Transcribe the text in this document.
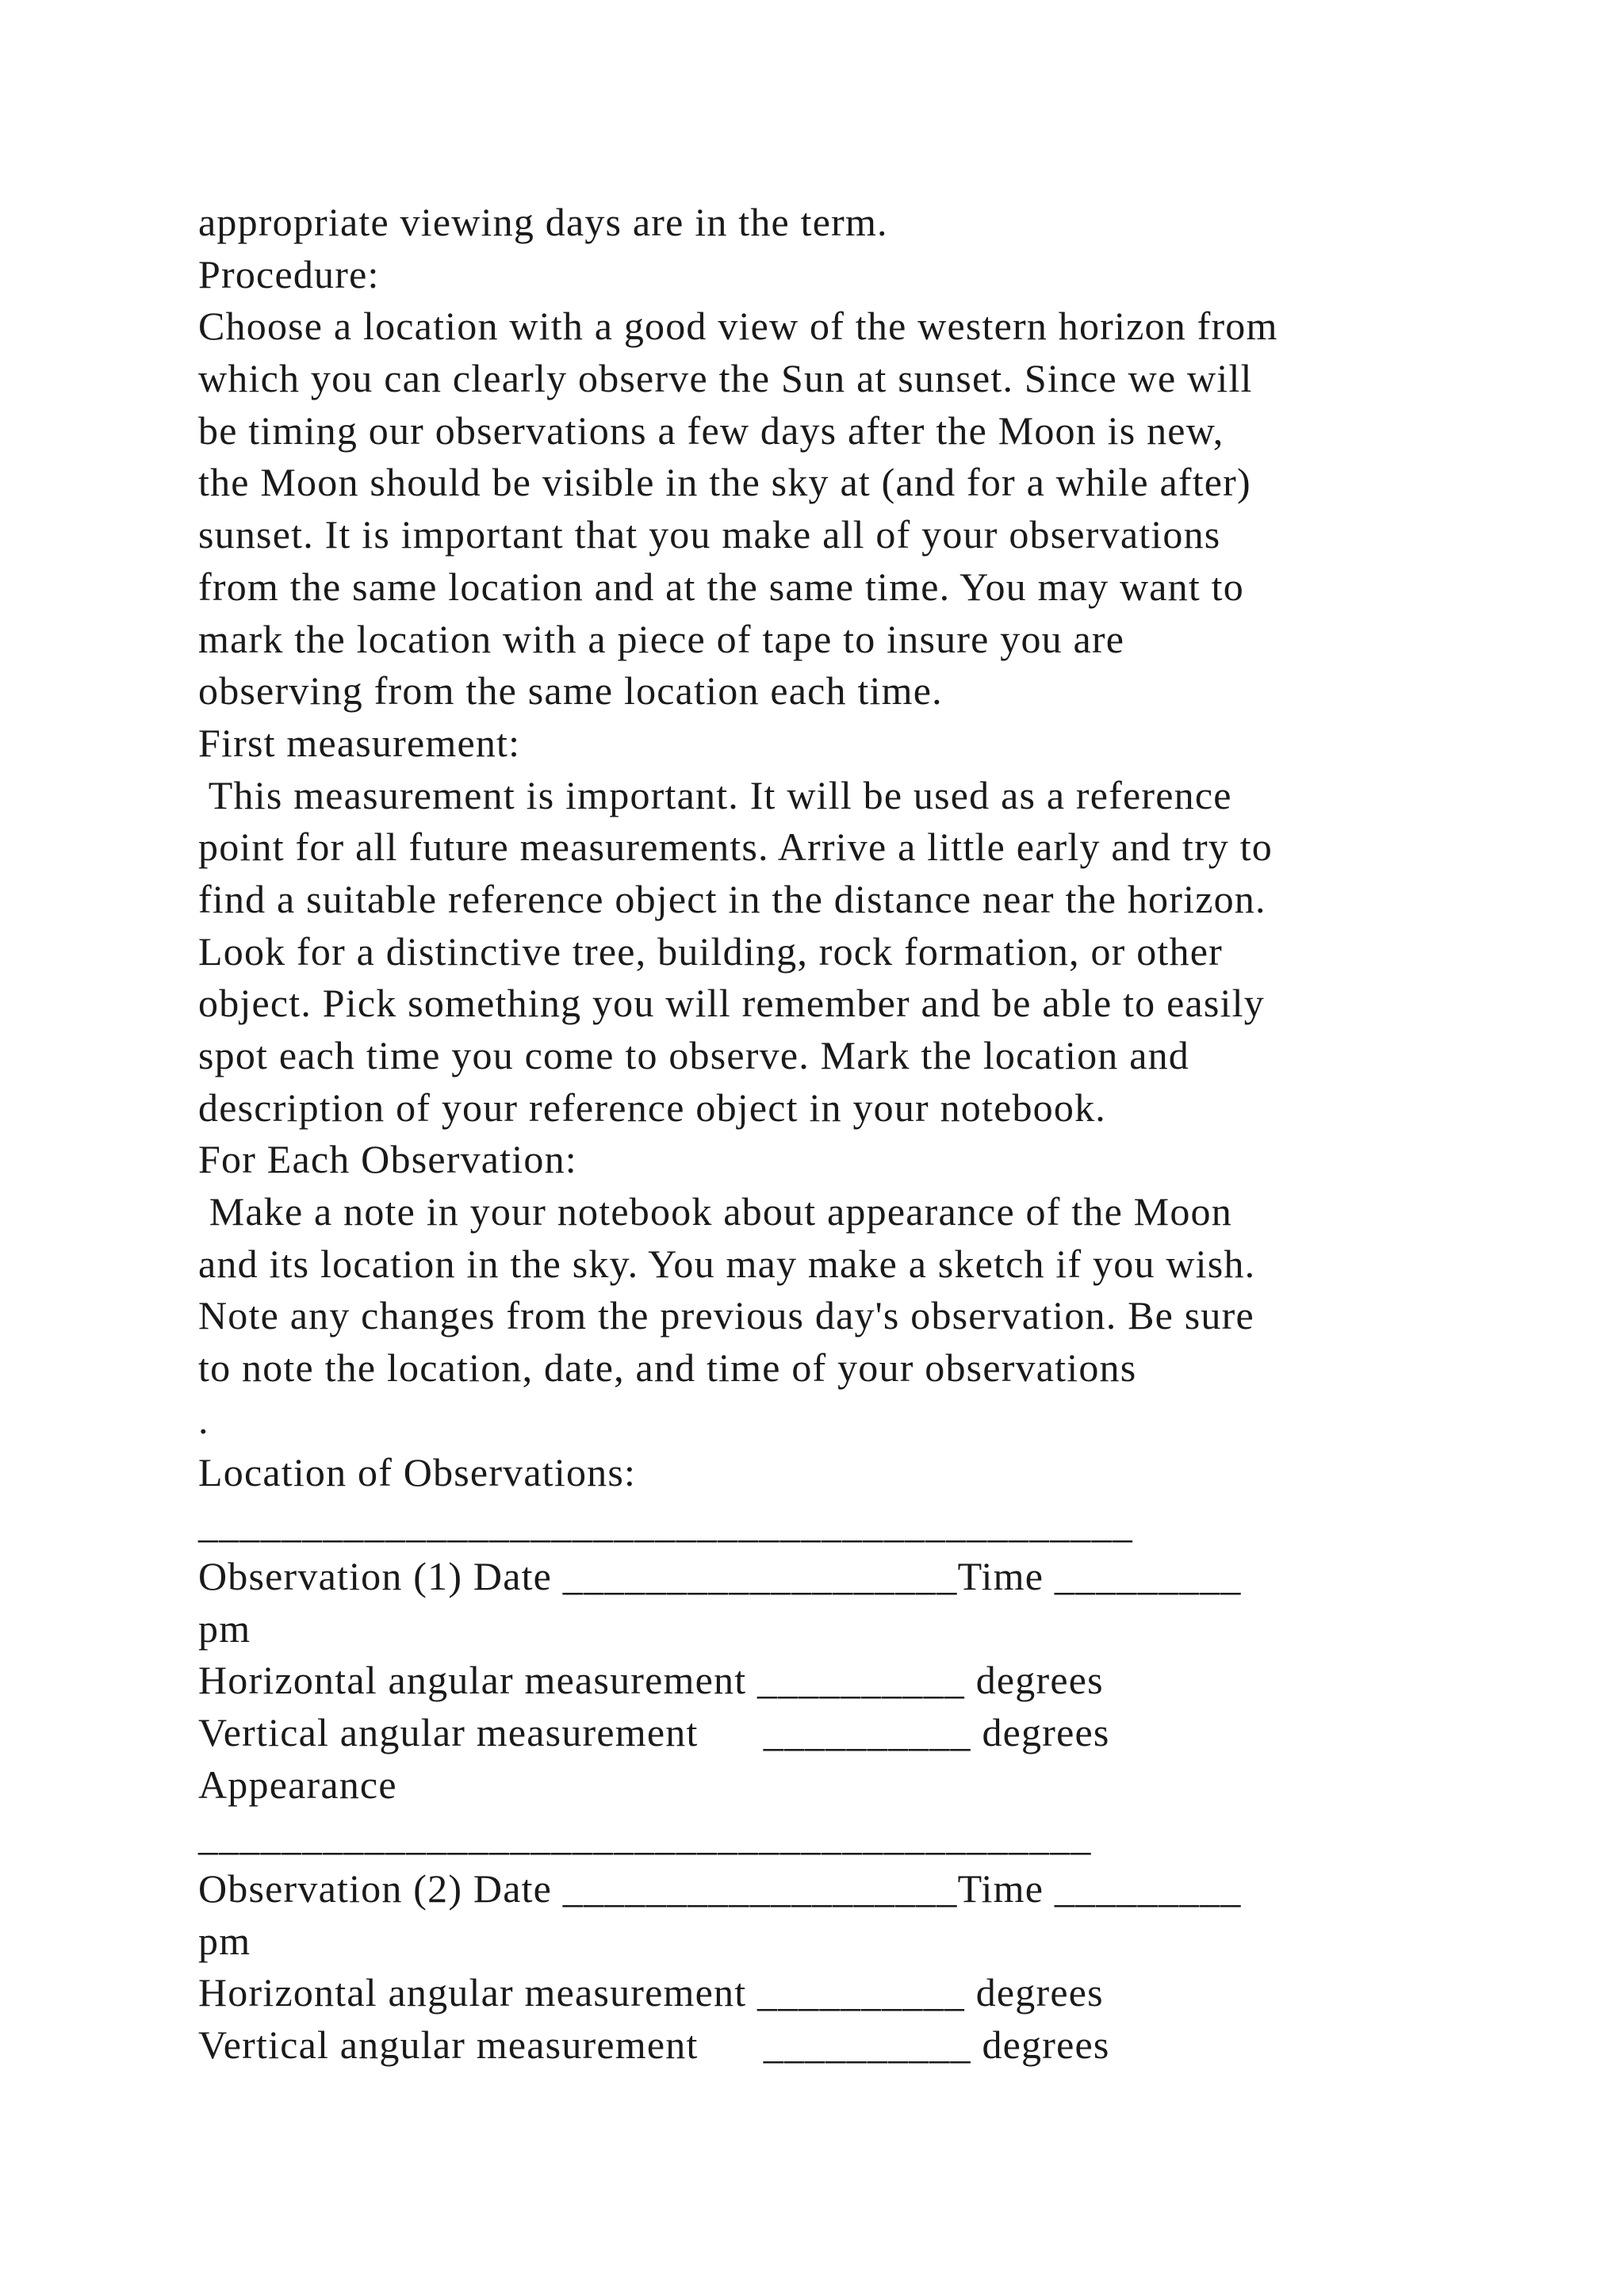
appropriate viewing days are in the term.
Procedure:
Choose a location with a good view of the western horizon from
which you can clearly observe the Sun at sunset. Since we will
be timing our observations a few days after the Moon is new,
the Moon should be visible in the sky at (and for a while after)
sunset. It is important that you make all of your observations
from the same location and at the same time. You may want to
mark the location with a piece of tape to insure you are
observing from the same location each time.
First measurement:
This measurement is important. It will be used as a reference
point for all future measurements. Arrive a little early and try to
find a suitable reference object in the distance near the horizon.
Look for a distinctive tree, building, rock formation, or other
object. Pick something you will remember and be able to easily
spot each time you come to observe. Mark the location and
description of your reference object in your notebook.
For Each Observation:
Make a note in your notebook about appearance of the Moon
and its location in the sky. You may make a sketch if you wish.
Note any changes from the previous day's observation. Be sure
to note the location, date, and time of your observations
.
Location of Observations:
_____________________________________________
Observation (1) Date ___________________Time _________
pm
Horizontal angular measurement __________ degrees
Vertical angular measurement      __________ degrees
Appearance
___________________________________________
Observation (2) Date ___________________Time _________
pm
Horizontal angular measurement __________ degrees
Vertical angular measurement      __________ degrees
